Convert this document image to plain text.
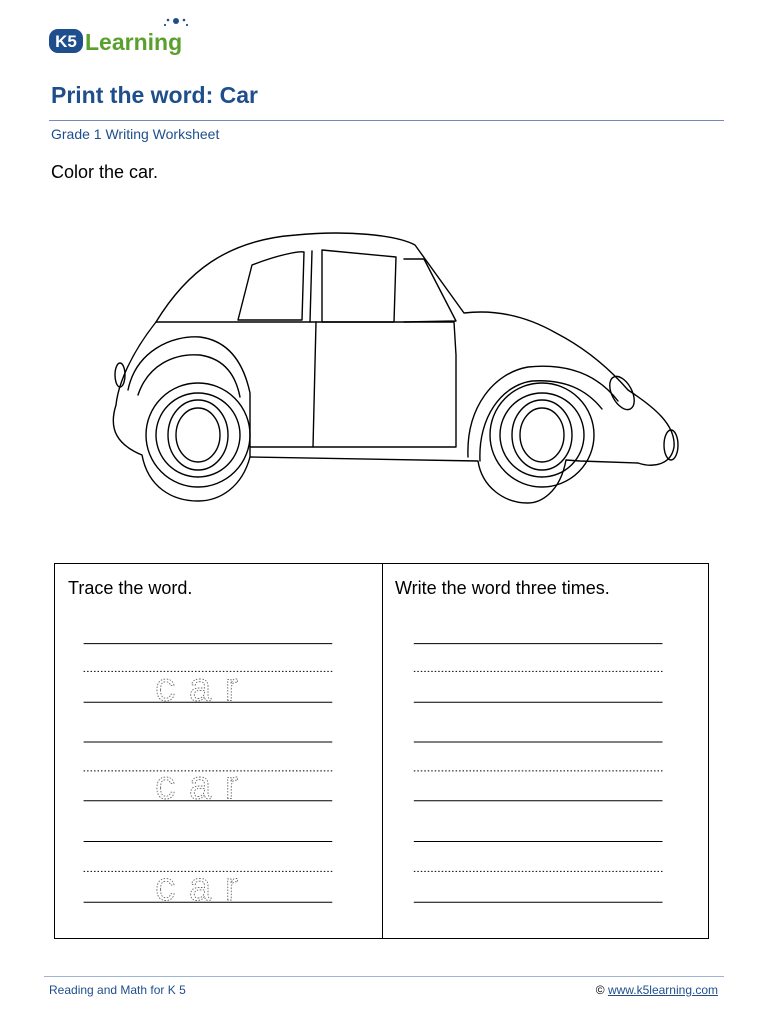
K5 Learning
Print the word: Car
Grade 1 Writing Worksheet
Color the car.
Trace the word.	Write the word three times.
car
car
car
Reading and Math for K 5	© www.k5learning.com
